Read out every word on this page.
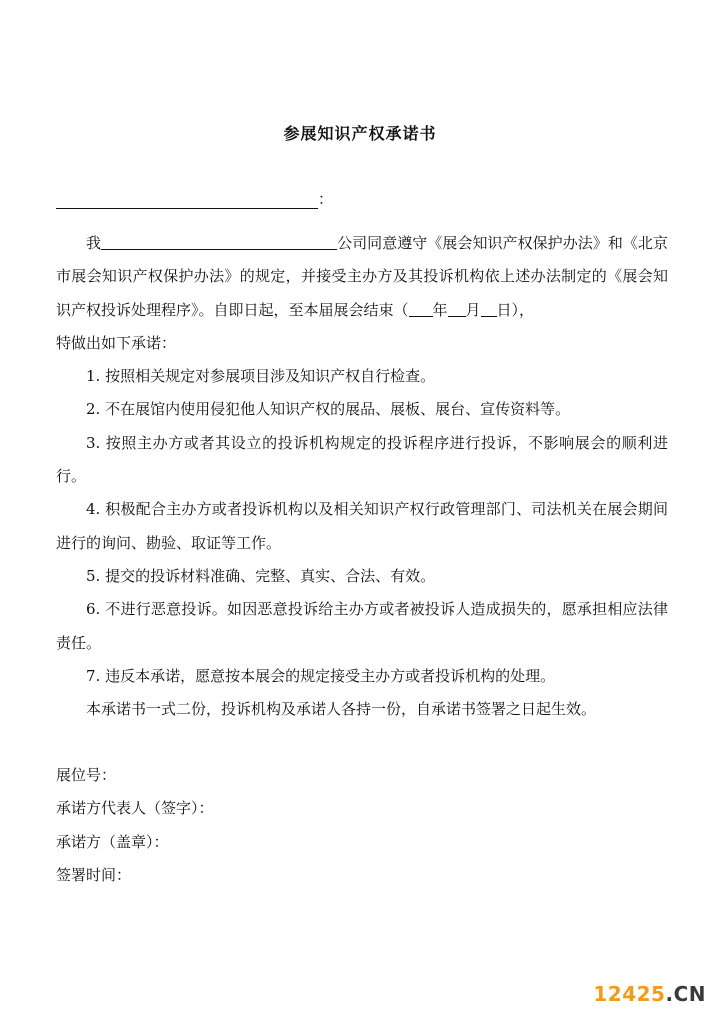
参展知识产权承诺书
：

我	公司同意遵守《展会知识产权保护办法》和《北京市展会知识产权保护办法》的规定，并接受主办方及其投诉机构依上述办法制定的《展会知识产权投诉处理程序》。自即日起，至本届展会结束（ 年 月 日），

特做出如下承诺：

1. 按照相关规定对参展项目涉及知识产权自行检查。

2. 不在展馆内使用侵犯他人知识产权的展品、展板、展台、宣传资料等。

3. 按照主办方或者其设立的投诉机构规定的投诉程序进行投诉，不影响展会的顺利进行。

4. 积极配合主办方或者投诉机构以及相关知识产权行政管理部门、司法机关在展会期间进行的询问、勘验、取证等工作。

5. 提交的投诉材料准确、完整、真实、合法、有效。

6. 不进行恶意投诉。如因恶意投诉给主办方或者被投诉人造成损失的，愿承担相应法律责任。

7. 违反本承诺，愿意按本展会的规定接受主办方或者投诉机构的处理。

本承诺书一式二份，投诉机构及承诺人各持一份，自承诺书签署之日起生效。

展位号：
承诺方代表人（签字）：
承诺方（盖章）：
签署时间：
12425.CN
